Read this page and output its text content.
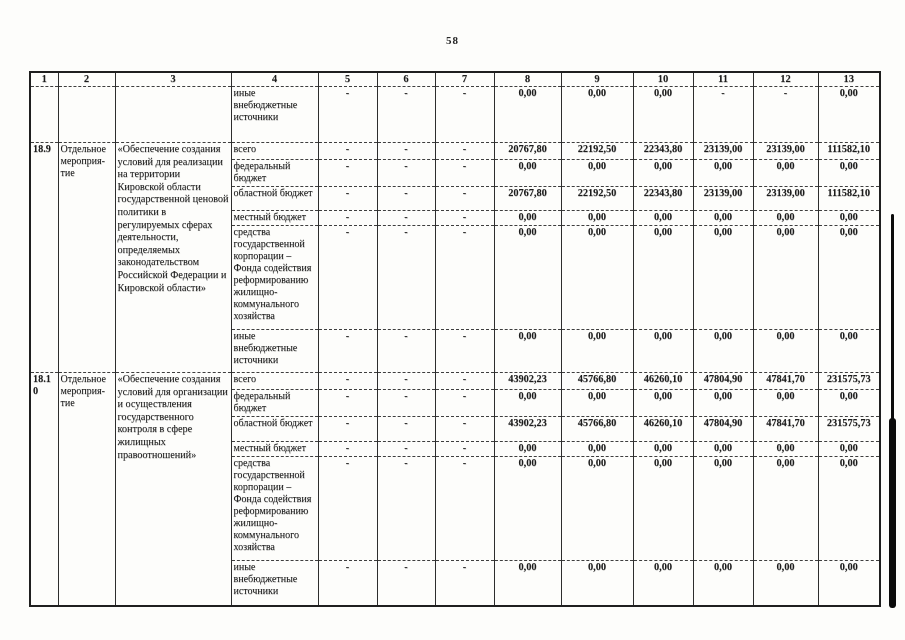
58
1	2	3	4	5	6	7	8	9	10	11	12	13
			иные внебюджетные источники	-	-	-	0,00	0,00	0,00	-	-	0,00
18.9	Отдельное мероприя-тие	«Обеспечение создания условий для реализации на территории Кировской области государственной ценовой политики в регулируемых сферах деятельности, определяемых законодательством Российской Федерации и Кировской области»	всего	-	-	-	20767,80	22192,50	22343,80	23139,00	23139,00	111582,10
			федеральный бюджет	-	-	-	0,00	0,00	0,00	0,00	0,00	0,00
			областной бюджет	-	-	-	20767,80	22192,50	22343,80	23139,00	23139,00	111582,10
			местный бюджет	-	-	-	0,00	0,00	0,00	0,00	0,00	0,00
			средства государственной корпорации – Фонда содействия реформированию жилищно-коммунального хозяйства	-	-	-	0,00	0,00	0,00	0,00	0,00	0,00
			иные внебюджетные источники	-	-	-	0,00	0,00	0,00	0,00	0,00	0,00
18.10	Отдельное мероприя-тие	«Обеспечение создания условий для организации и осуществления государственного контроля в сфере жилищных правоотношений»	всего	-	-	-	43902,23	45766,80	46260,10	47804,90	47841,70	231575,73
			федеральный бюджет	-	-	-	0,00	0,00	0,00	0,00	0,00	0,00
			областной бюджет	-	-	-	43902,23	45766,80	46260,10	47804,90	47841,70	231575,73
			местный бюджет	-	-	-	0,00	0,00	0,00	0,00	0,00	0,00
			средства государственной корпорации – Фонда содействия реформированию жилищно-коммунального хозяйства	-	-	-	0,00	0,00	0,00	0,00	0,00	0,00
			иные внебюджетные источники	-	-	-	0,00	0,00	0,00	0,00	0,00	0,00
